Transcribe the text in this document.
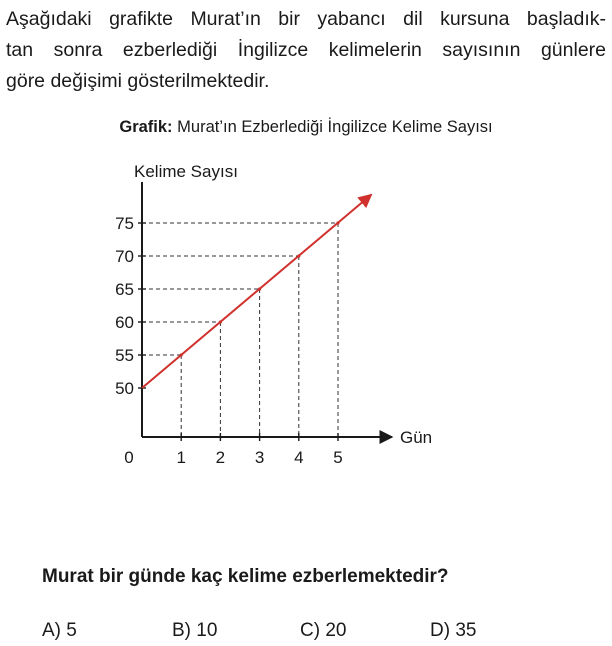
Aşağıdaki grafikte Murat’ın bir yabancı dil kursuna başladık-
tan sonra ezberlediği İngilizce kelimelerin sayısının günlere
göre değişimi gösterilmektedir.
Grafik: Murat’ın Ezberlediği İngilizce Kelime Sayısı
50
55
60
65
70
75
1 2 3 4 5
0
Kelime Sayısı
Gün

Murat bir günde kaç kelime ezberlemektedir?

A) 5	B) 10	C) 20	D) 35
